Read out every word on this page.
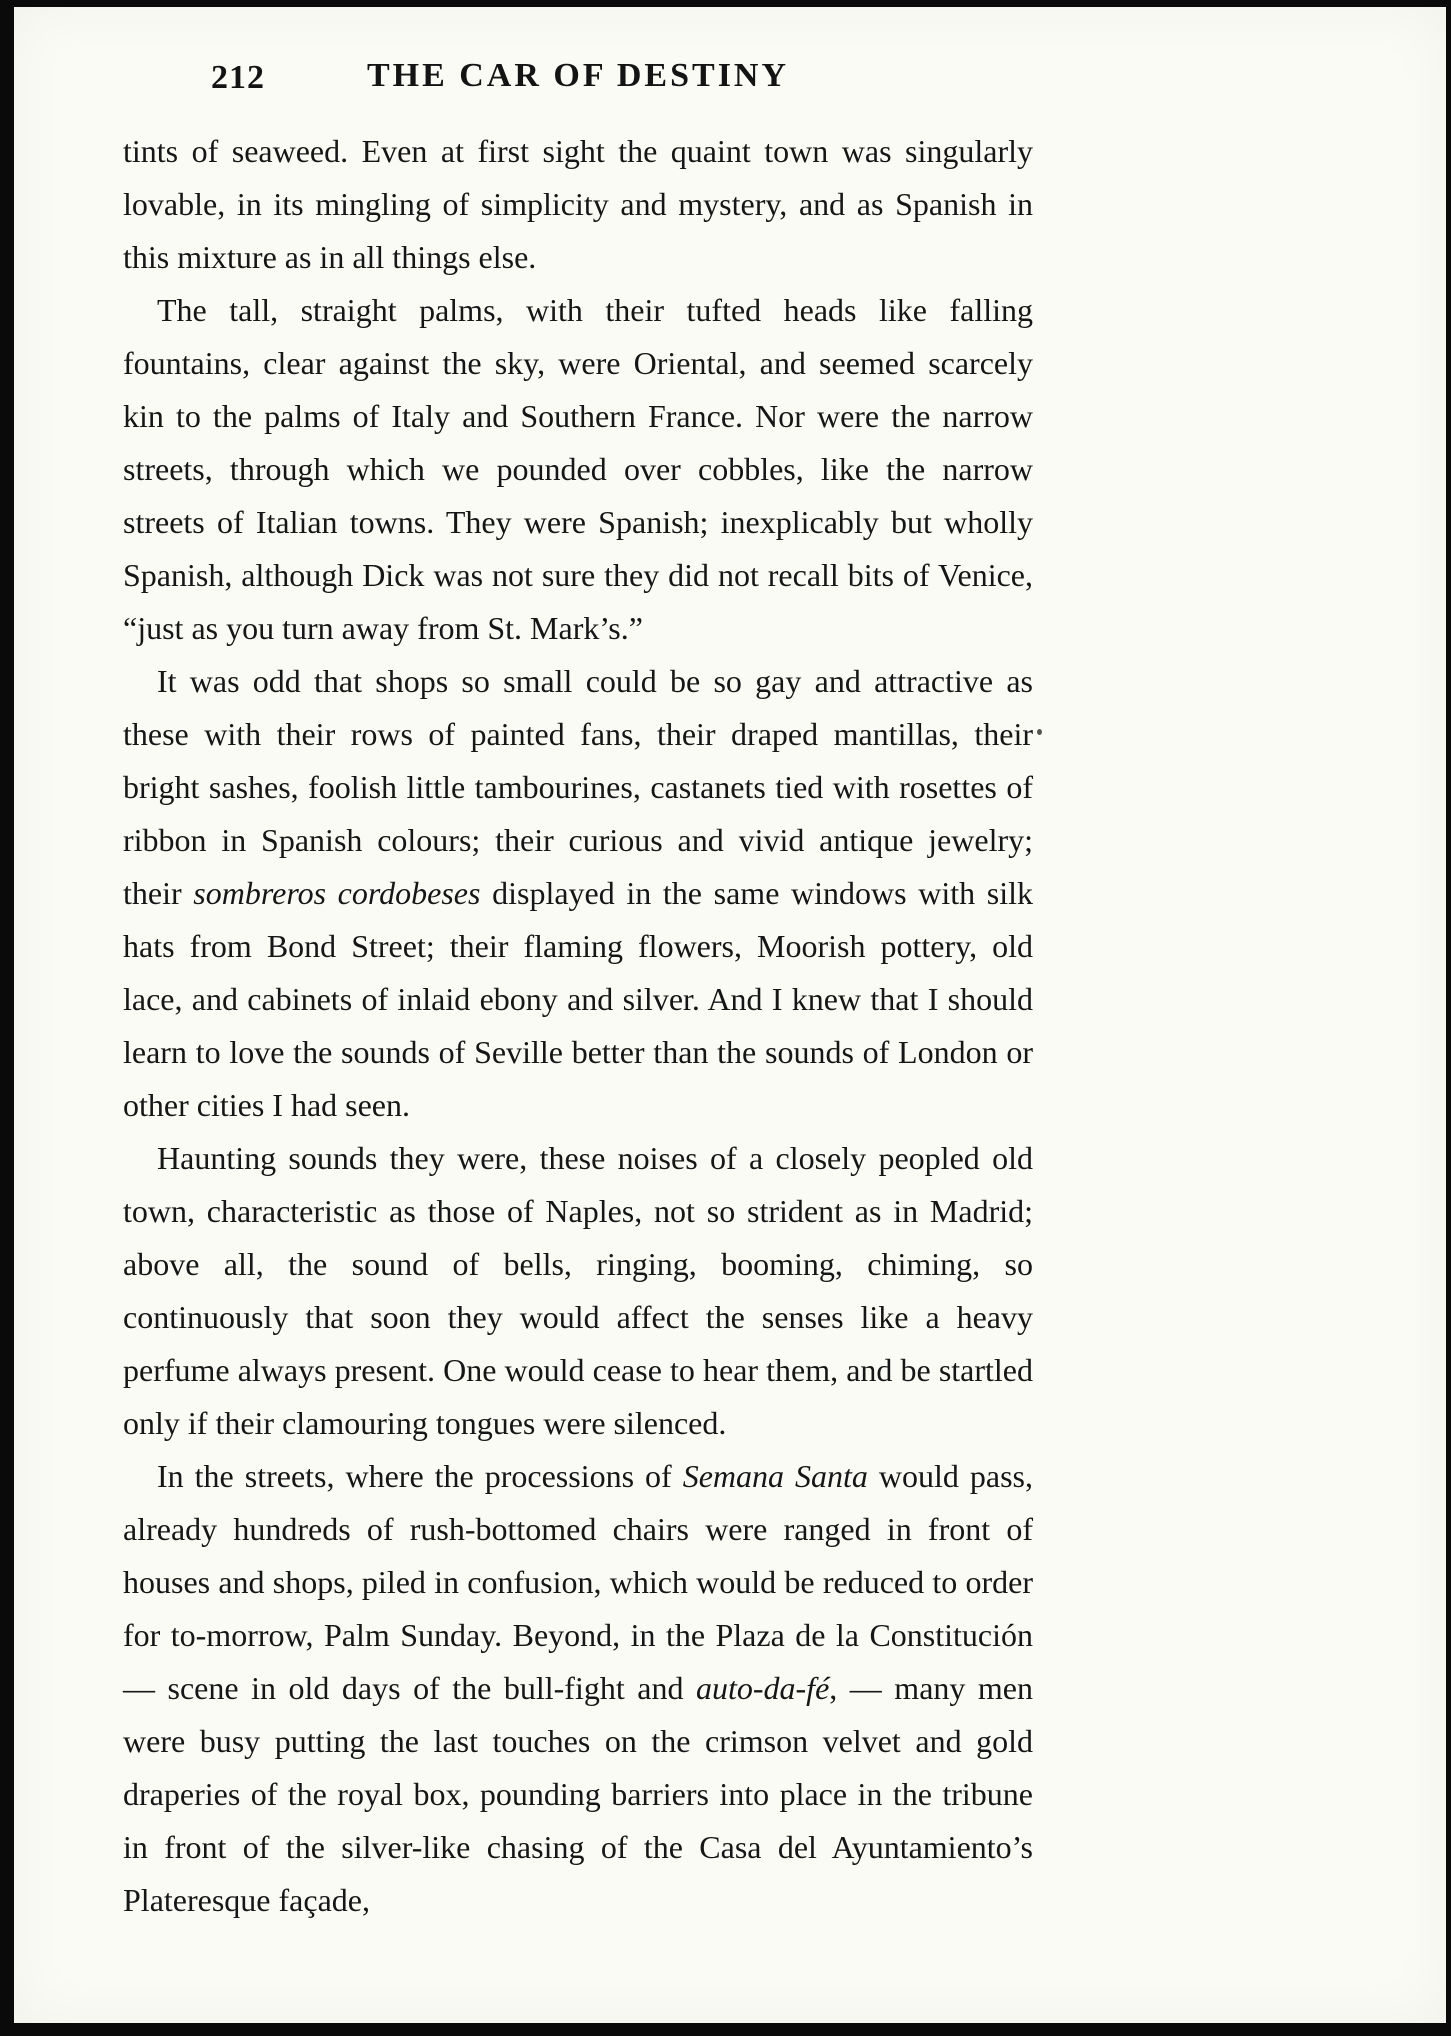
212	THE CAR OF DESTINY

tints of seaweed. Even at first sight the quaint town was singularly lovable, in its mingling of simplicity and mystery, and as Spanish in this mixture as in all things else.

The tall, straight palms, with their tufted heads like falling fountains, clear against the sky, were Oriental, and seemed scarcely kin to the palms of Italy and Southern France. Nor were the narrow streets, through which we pounded over cobbles, like the narrow streets of Italian towns. They were Spanish; inexplicably but wholly Spanish, although Dick was not sure they did not recall bits of Venice, “just as you turn away from St. Mark’s.”

It was odd that shops so small could be so gay and attractive as these with their rows of painted fans, their draped mantillas, their bright sashes, foolish little tambourines, castanets tied with rosettes of ribbon in Spanish colours; their curious and vivid antique jewelry; their sombreros cordobeses displayed in the same windows with silk hats from Bond Street; their flaming flowers, Moorish pottery, old lace, and cabinets of inlaid ebony and silver. And I knew that I should learn to love the sounds of Seville better than the sounds of London or other cities I had seen.

Haunting sounds they were, these noises of a closely peopled old town, characteristic as those of Naples, not so strident as in Madrid; above all, the sound of bells, ringing, booming, chiming, so continuously that soon they would affect the senses like a heavy perfume always present. One would cease to hear them, and be startled only if their clamouring tongues were silenced.

In the streets, where the processions of Semana Santa would pass, already hundreds of rush-bottomed chairs were ranged in front of houses and shops, piled in confusion, which would be reduced to order for to-morrow, Palm Sunday. Beyond, in the Plaza de la Constitución — scene in old days of the bull-fight and auto-da-fé, — many men were busy putting the last touches on the crimson velvet and gold draperies of the royal box, pounding barriers into place in the tribune in front of the silver-like chasing of the Casa del Ayuntamiento’s Plateresque façade,
